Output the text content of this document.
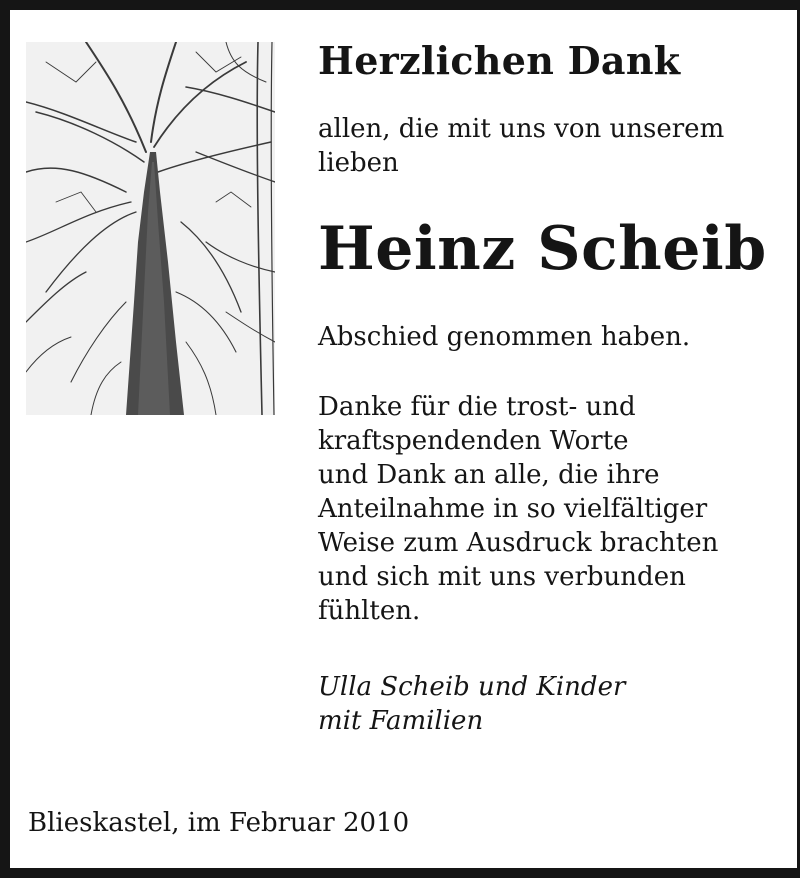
Herzlichen Dank

allen, die mit uns von unserem

lieben

Heinz Scheib

Abschied genommen haben.

Danke für die trost- und

kraftspendenden Worte

und Dank an alle, die ihre

Anteilnahme in so vielfältiger

Weise zum Ausdruck brachten

und sich mit uns verbunden

fühlten.

Ulla Scheib und Kinder

mit Familien

Blieskastel, im Februar 2010
